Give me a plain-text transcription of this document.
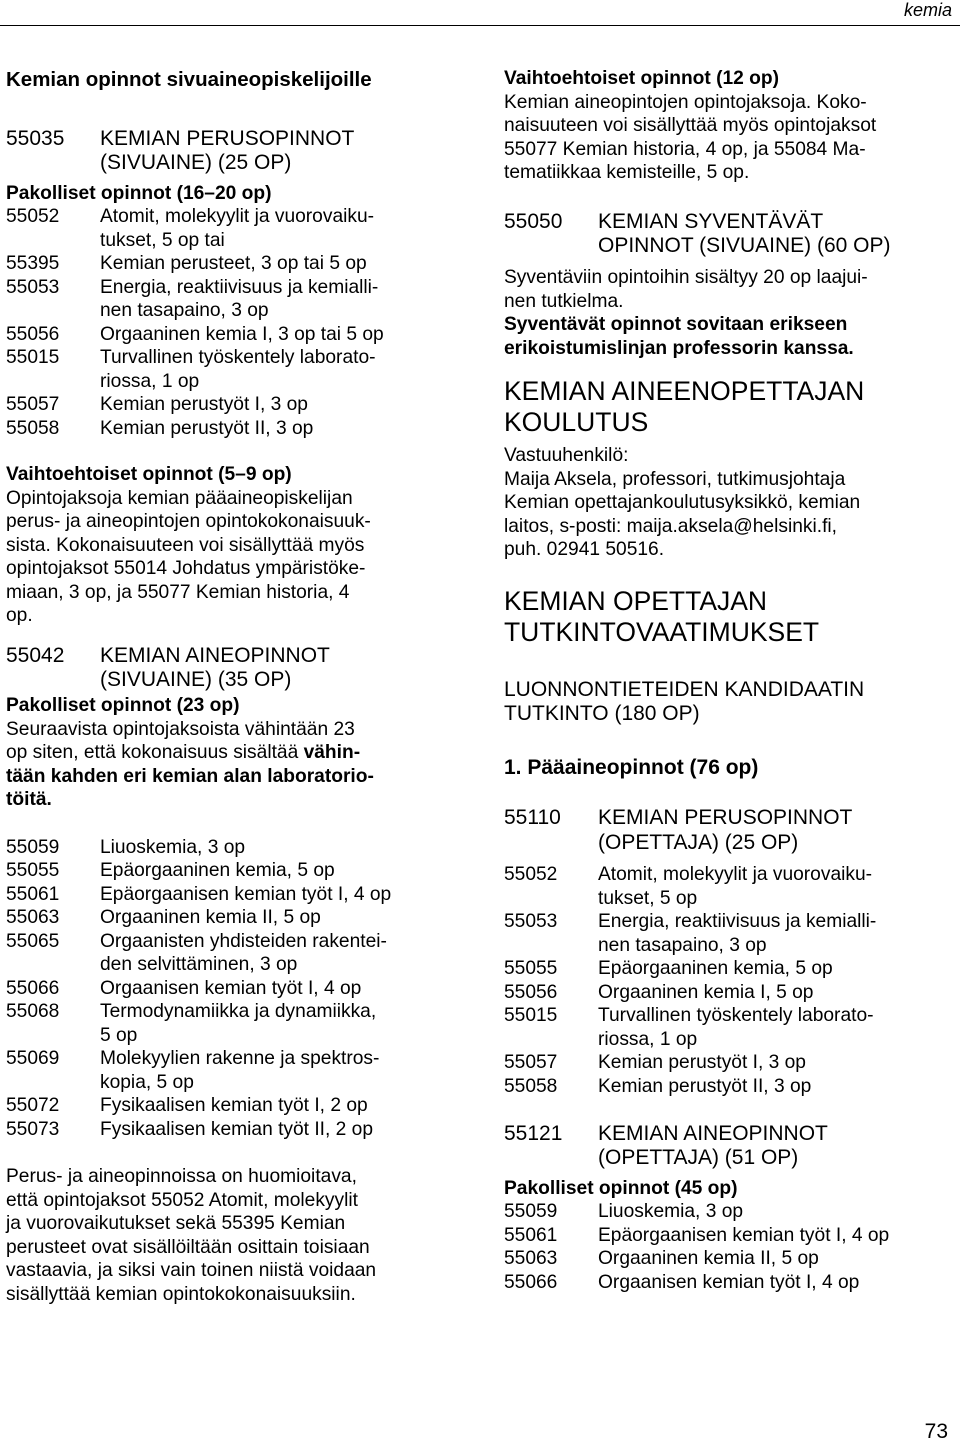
kemia
Kemian opinnot sivuaineopiskelijoille
55035	KEMIAN PERUSOPINNOT
(SIVUAINE) (25 OP)
Pakolliset opinnot (16–20 op)
55052	Atomit, molekyylit ja vuorovaiku-
tukset, 5 op tai
55395	Kemian perusteet, 3 op tai 5 op
55053	Energia, reaktiivisuus ja kemialli-
nen tasapaino, 3 op
55056	Orgaaninen kemia I, 3 op tai 5 op
55015	Turvallinen työskentely laborato-
riossa, 1 op
55057	Kemian perustyöt I, 3 op
55058	Kemian perustyöt II, 3 op
Vaihtoehtoiset opinnot (5–9 op)
Opintojaksoja kemian pääaineopiskelijan
perus- ja aineopintojen opintokokonaisuuk-
sista. Kokonaisuuteen voi sisällyttää myös
opintojaksot 55014 Johdatus ympäristöke-
miaan, 3 op, ja 55077 Kemian historia, 4
op.
55042	KEMIAN AINEOPINNOT
(SIVUAINE) (35 OP)
Pakolliset opinnot (23 op)
Seuraavista opintojaksoista vähintään 23
op siten, että kokonaisuus sisältää vähin-
tään kahden eri kemian alan laboratorio-
töitä.
55059	Liuoskemia, 3 op
55055	Epäorgaaninen kemia, 5 op
55061	Epäorgaanisen kemian työt I, 4 op
55063	Orgaaninen kemia II, 5 op
55065	Orgaanisten yhdisteiden rakentei-
den selvittäminen, 3 op
55066	Orgaanisen kemian työt I, 4 op
55068	Termodynamiikka ja dynamiikka,
5 op
55069	Molekyylien rakenne ja spektros-
kopia, 5 op
55072	Fysikaalisen kemian työt I, 2 op
55073	Fysikaalisen kemian työt II, 2 op
Perus- ja aineopinnoissa on huomioitava,
että opintojaksot 55052 Atomit, molekyylit
ja vuorovaikutukset sekä 55395 Kemian
perusteet ovat sisällöiltään osittain toisiaan
vastaavia, ja siksi vain toinen niistä voidaan
sisällyttää kemian opintokokonaisuuksiin.
Vaihtoehtoiset opinnot (12 op)
Kemian aineopintojen opintojaksoja. Koko-
naisuuteen voi sisällyttää myös opintojaksot
55077 Kemian historia, 4 op, ja 55084 Ma-
tematiikkaa kemisteille, 5 op.
55050	KEMIAN SYVENTÄVÄT
OPINNOT (SIVUAINE) (60 OP)
Syventäviin opintoihin sisältyy 20 op laajui-
nen tutkielma.
Syventävät opinnot sovitaan erikseen
erikoistumislinjan professorin kanssa.
KEMIAN AINEENOPETTAJAN
KOULUTUS
Vastuuhenkilö:
Maija Aksela, professori, tutkimusjohtaja
Kemian opettajankoulutusyksikkö, kemian
laitos, s-posti: maija.aksela@helsinki.fi,
puh. 02941 50516.
KEMIAN OPETTAJAN
TUTKINTOVAATIMUKSET
LUONNONTIETEIDEN KANDIDAATIN
TUTKINTO (180 OP)
1. Pääaineopinnot (76 op)
55110	KEMIAN PERUSOPINNOT
(OPETTAJA) (25 OP)
55052	Atomit, molekyylit ja vuorovaiku-
tukset, 5 op
55053	Energia, reaktiivisuus ja kemialli-
nen tasapaino, 3 op
55055	Epäorgaaninen kemia, 5 op
55056	Orgaaninen kemia I, 5 op
55015	Turvallinen työskentely laborato-
riossa, 1 op
55057	Kemian perustyöt I, 3 op
55058	Kemian perustyöt II, 3 op
55121	KEMIAN AINEOPINNOT
(OPETTAJA) (51 OP)
Pakolliset opinnot (45 op)
55059	Liuoskemia, 3 op
55061	Epäorgaanisen kemian työt I, 4 op
55063	Orgaaninen kemia II, 5 op
55066	Orgaanisen kemian työt I, 4 op
73
